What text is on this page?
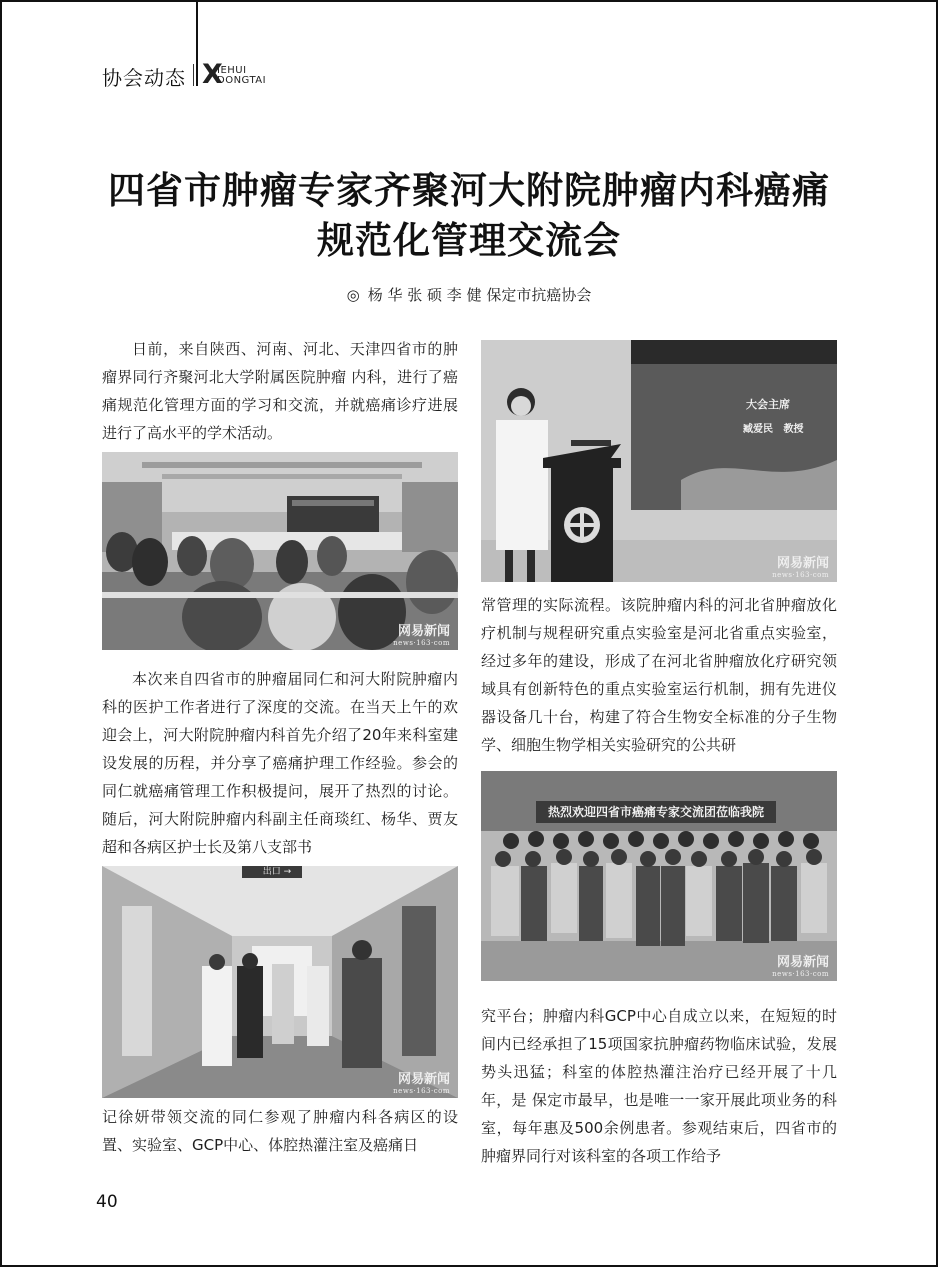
协会动态 X
IEHUI
DONGTAI
四省市肿瘤专家齐聚河大附院肿瘤内科癌痛
规范化管理交流会
◎ 杨 华 张 硕 李 健 保定市抗癌协会

日前，来自陕西、河南、河北、天津四省市的肿瘤界同行齐聚河北大学附属医院肿瘤 内科，进行了癌痛规范化管理方面的学习和交流，并就癌痛诊疗进展进行了高水平的学术活动。

网易新闻
news·163·com

本次来自四省市的肿瘤届同仁和河大附院肿瘤内科的医护工作者进行了深度的交流。在当天上午的欢迎会上，河大附院肿瘤内科首先介绍了20年来科室建设发展的历程，并分享了癌痛护理工作经验。参会的同仁就癌痛管理工作积极提问，展开了热烈的讨论。随后，河大附院肿瘤内科副主任商琰红、杨华、贾友超和各病区护士长及第八支部书

出口 →
网易新闻
news·163·com

记徐妍带领交流的同仁参观了肿瘤内科各病区的设置、实验室、GCP中心、体腔热灌注室及癌痛日

大会主席
臧爱民   教授
网易新闻
news·163·com

常管理的实际流程。该院肿瘤内科的河北省肿瘤放化疗机制与规程研究重点实验室是河北省重点实验室，经过多年的建设，形成了在河北省肿瘤放化疗研究领域具有创新特色的重点实验室运行机制，拥有先进仪器设备几十台，构建了符合生物安全标准的分子生物学、细胞生物学相关实验研究的公共研

热烈欢迎四省市癌痛专家交流团莅临我院
网易新闻
news·163·com

究平台；肿瘤内科GCP中心自成立以来，在短短的时间内已经承担了15项国家抗肿瘤药物临床试验，发展势头迅猛；科室的体腔热灌注治疗已经开展了十几年，是 保定市最早，也是唯一一家开展此项业务的科室，每年惠及500余例患者。参观结束后，四省市的肿瘤界同行对该科室的各项工作给予

40
